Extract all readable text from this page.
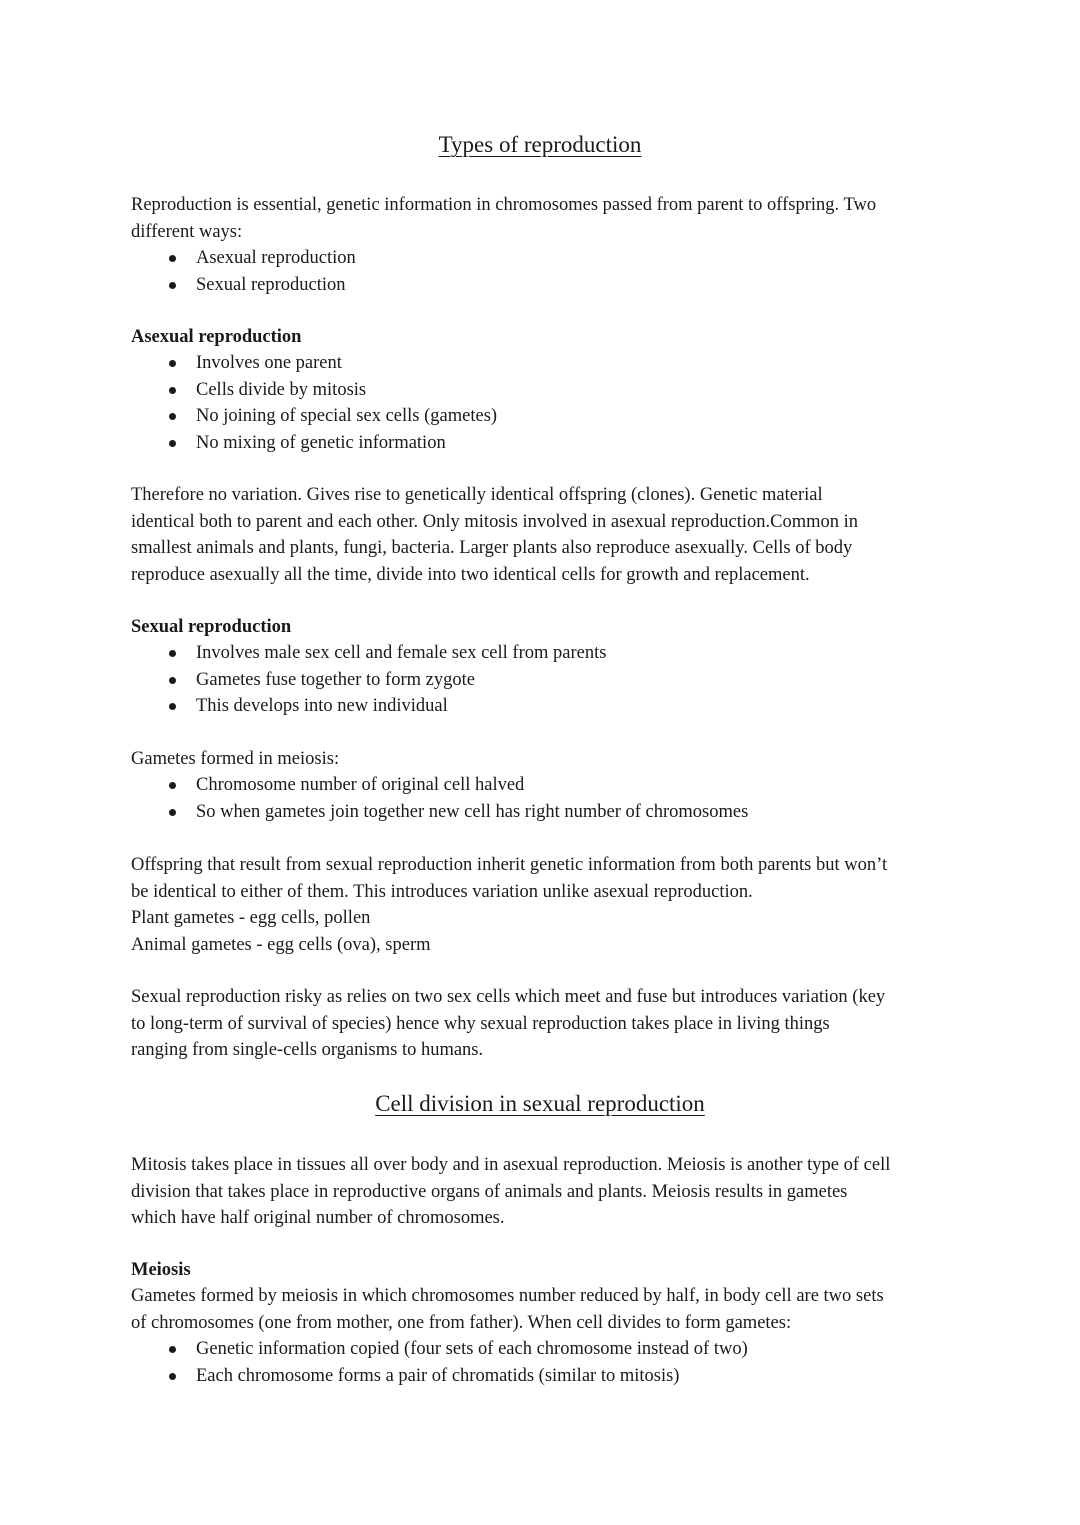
Types of reproduction

Reproduction is essential, genetic information in chromosomes passed from parent to offspring. Two
different ways:

Asexual reproduction
Sexual reproduction

Asexual reproduction

Involves one parent
Cells divide by mitosis
No joining of special sex cells (gametes)
No mixing of genetic information

Therefore no variation. Gives rise to genetically identical offspring (clones). Genetic material
identical both to parent and each other. Only mitosis involved in asexual reproduction.Common in
smallest animals and plants, fungi, bacteria. Larger plants also reproduce asexually. Cells of body
reproduce asexually all the time, divide into two identical cells for growth and replacement.

Sexual reproduction

Involves male sex cell and female sex cell from parents
Gametes fuse together to form zygote
This develops into new individual

Gametes formed in meiosis:

Chromosome number of original cell halved
So when gametes join together new cell has right number of chromosomes

Offspring that result from sexual reproduction inherit genetic information from both parents but won’t
be identical to either of them. This introduces variation unlike asexual reproduction.
Plant gametes - egg cells, pollen
Animal gametes - egg cells (ova), sperm

Sexual reproduction risky as relies on two sex cells which meet and fuse but introduces variation (key
to long-term of survival of species) hence why sexual reproduction takes place in living things
ranging from single-cells organisms to humans.

Cell division in sexual reproduction

Mitosis takes place in tissues all over body and in asexual reproduction. Meiosis is another type of cell
division that takes place in reproductive organs of animals and plants. Meiosis results in gametes
which have half original number of chromosomes.

Meiosis

Gametes formed by meiosis in which chromosomes number reduced by half, in body cell are two sets
of chromosomes (one from mother, one from father). When cell divides to form gametes:

Genetic information copied (four sets of each chromosome instead of two)
Each chromosome forms a pair of chromatids (similar to mitosis)
